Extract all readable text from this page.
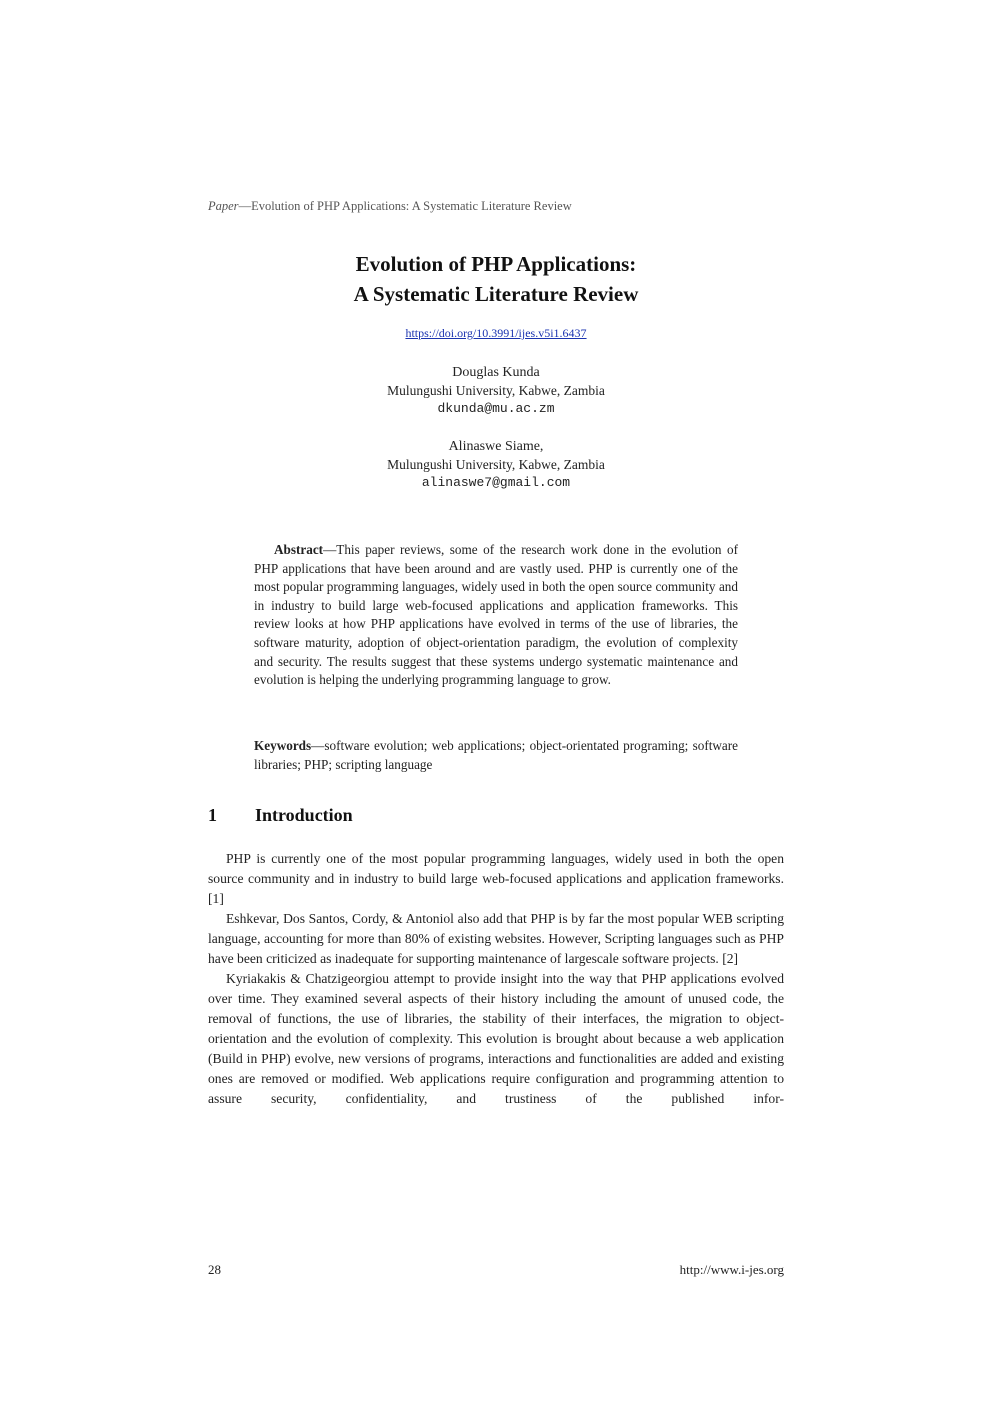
Paper—Evolution of PHP Applications: A Systematic Literature Review
Evolution of PHP Applications:
A Systematic Literature Review
https://doi.org/10.3991/ijes.v5i1.6437
Douglas Kunda
Mulungushi University, Kabwe, Zambia
dkunda@mu.ac.zm
Alinaswe Siame,
Mulungushi University, Kabwe, Zambia
alinaswe7@gmail.com

Abstract—This paper reviews, some of the research work done in the evolution of PHP applications that have been around and are vastly used. PHP is currently one of the most popular programming languages, widely used in both the open source community and in industry to build large web-focused applications and application frameworks. This review looks at how PHP applications have evolved in terms of the use of libraries, the software maturity, adoption of object-orientation paradigm, the evolution of complexity and security. The results suggest that these systems undergo systematic maintenance and evolution is helping the underlying programming language to grow.

Keywords—software evolution; web applications; object-orientated programing; software libraries; PHP; scripting language

1 Introduction

PHP is currently one of the most popular programming languages, widely used in both the open source community and in industry to build large web-focused applications and application frameworks. [1]

Eshkevar, Dos Santos, Cordy, & Antoniol also add that PHP is by far the most popular WEB scripting language, accounting for more than 80% of existing websites. However, Scripting languages such as PHP have been criticized as inadequate for supporting maintenance of largescale software projects. [2]

Kyriakakis & Chatzigeorgiou attempt to provide insight into the way that PHP applications evolved over time. They examined several aspects of their history including the amount of unused code, the removal of functions, the use of libraries, the stability of their interfaces, the migration to object-orientation and the evolution of complexity. This evolution is brought about because a web application (Build in PHP) evolve, new versions of programs, interactions and functionalities are added and existing ones are removed or modified. Web applications require configuration and programming attention to assure security, confidentiality, and trustiness of the published infor-

28	http://www.i-jes.org
